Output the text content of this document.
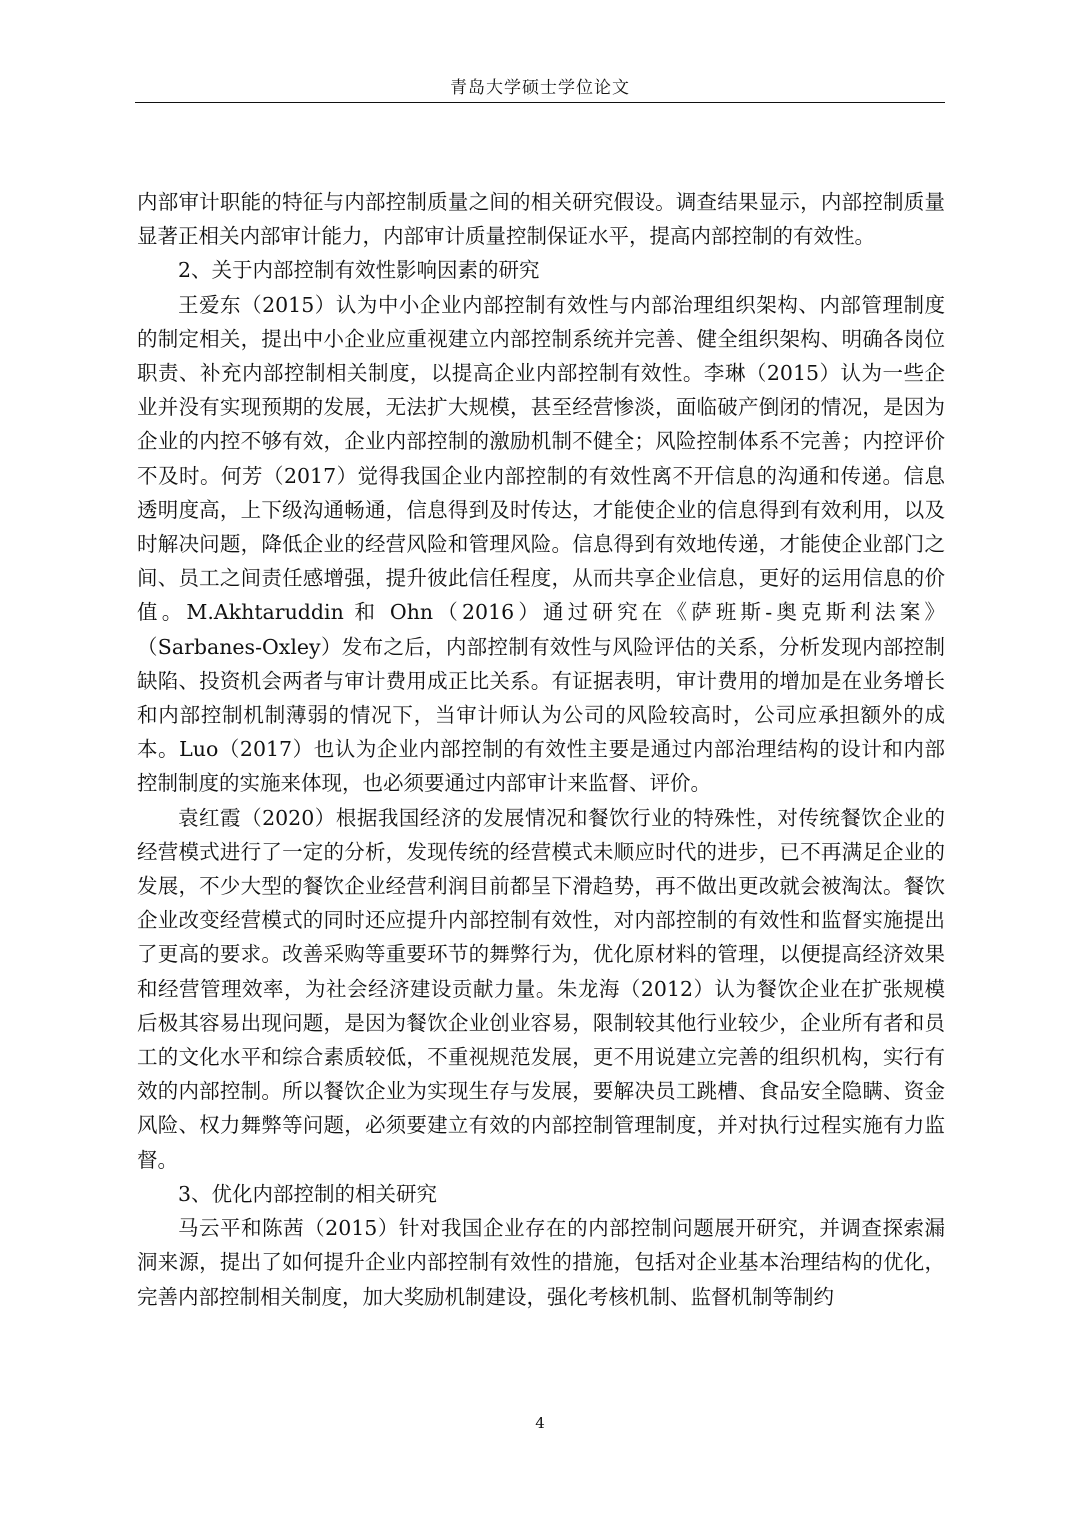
青岛大学硕士学位论文

内部审计职能的特征与内部控制质量之间的相关研究假设。调查结果显示，内部控制质量显著正相关内部审计能力，内部审计质量控制保证水平，提高内部控制的有效性。

2、关于内部控制有效性影响因素的研究

王爱东（2015）认为中小企业内部控制有效性与内部治理组织架构、内部管理制度的制定相关，提出中小企业应重视建立内部控制系统并完善、健全组织架构、明确各岗位职责、补充内部控制相关制度，以提高企业内部控制有效性。李琳（2015）认为一些企业并没有实现预期的发展，无法扩大规模，甚至经营惨淡，面临破产倒闭的情况，是因为企业的内控不够有效，企业内部控制的激励机制不健全；风险控制体系不完善；内控评价不及时。何芳（2017）觉得我国企业内部控制的有效性离不开信息的沟通和传递。信息透明度高，上下级沟通畅通，信息得到及时传达，才能使企业的信息得到有效利用，以及时解决问题，降低企业的经营风险和管理风险。信息得到有效地传递，才能使企业部门之间、员工之间责任感增强，提升彼此信任程度，从而共享企业信息，更好的运用信息的价值。M.Akhtaruddin 和 Ohn（2016）通过研究在《萨班斯-奥克斯利法案》（Sarbanes-Oxley）发布之后，内部控制有效性与风险评估的关系，分析发现内部控制缺陷、投资机会两者与审计费用成正比关系。有证据表明，审计费用的增加是在业务增长和内部控制机制薄弱的情况下，当审计师认为公司的风险较高时，公司应承担额外的成本。Luo（2017）也认为企业内部控制的有效性主要是通过内部治理结构的设计和内部控制制度的实施来体现，也必须要通过内部审计来监督、评价。

袁红霞（2020）根据我国经济的发展情况和餐饮行业的特殊性，对传统餐饮企业的经营模式进行了一定的分析，发现传统的经营模式未顺应时代的进步，已不再满足企业的发展，不少大型的餐饮企业经营利润目前都呈下滑趋势，再不做出更改就会被淘汰。餐饮企业改变经营模式的同时还应提升内部控制有效性，对内部控制的有效性和监督实施提出了更高的要求。改善采购等重要环节的舞弊行为，优化原材料的管理，以便提高经济效果和经营管理效率，为社会经济建设贡献力量。朱龙海（2012）认为餐饮企业在扩张规模后极其容易出现问题，是因为餐饮企业创业容易，限制较其他行业较少，企业所有者和员工的文化水平和综合素质较低，不重视规范发展，更不用说建立完善的组织机构，实行有效的内部控制。所以餐饮企业为实现生存与发展，要解决员工跳槽、食品安全隐瞒、资金风险、权力舞弊等问题，必须要建立有效的内部控制管理制度，并对执行过程实施有力监督。

3、优化内部控制的相关研究

马云平和陈茜（2015）针对我国企业存在的内部控制问题展开研究，并调查探索漏洞来源，提出了如何提升企业内部控制有效性的措施，包括对企业基本治理结构的优化，完善内部控制相关制度，加大奖励机制建设，强化考核机制、监督机制等制约

4
